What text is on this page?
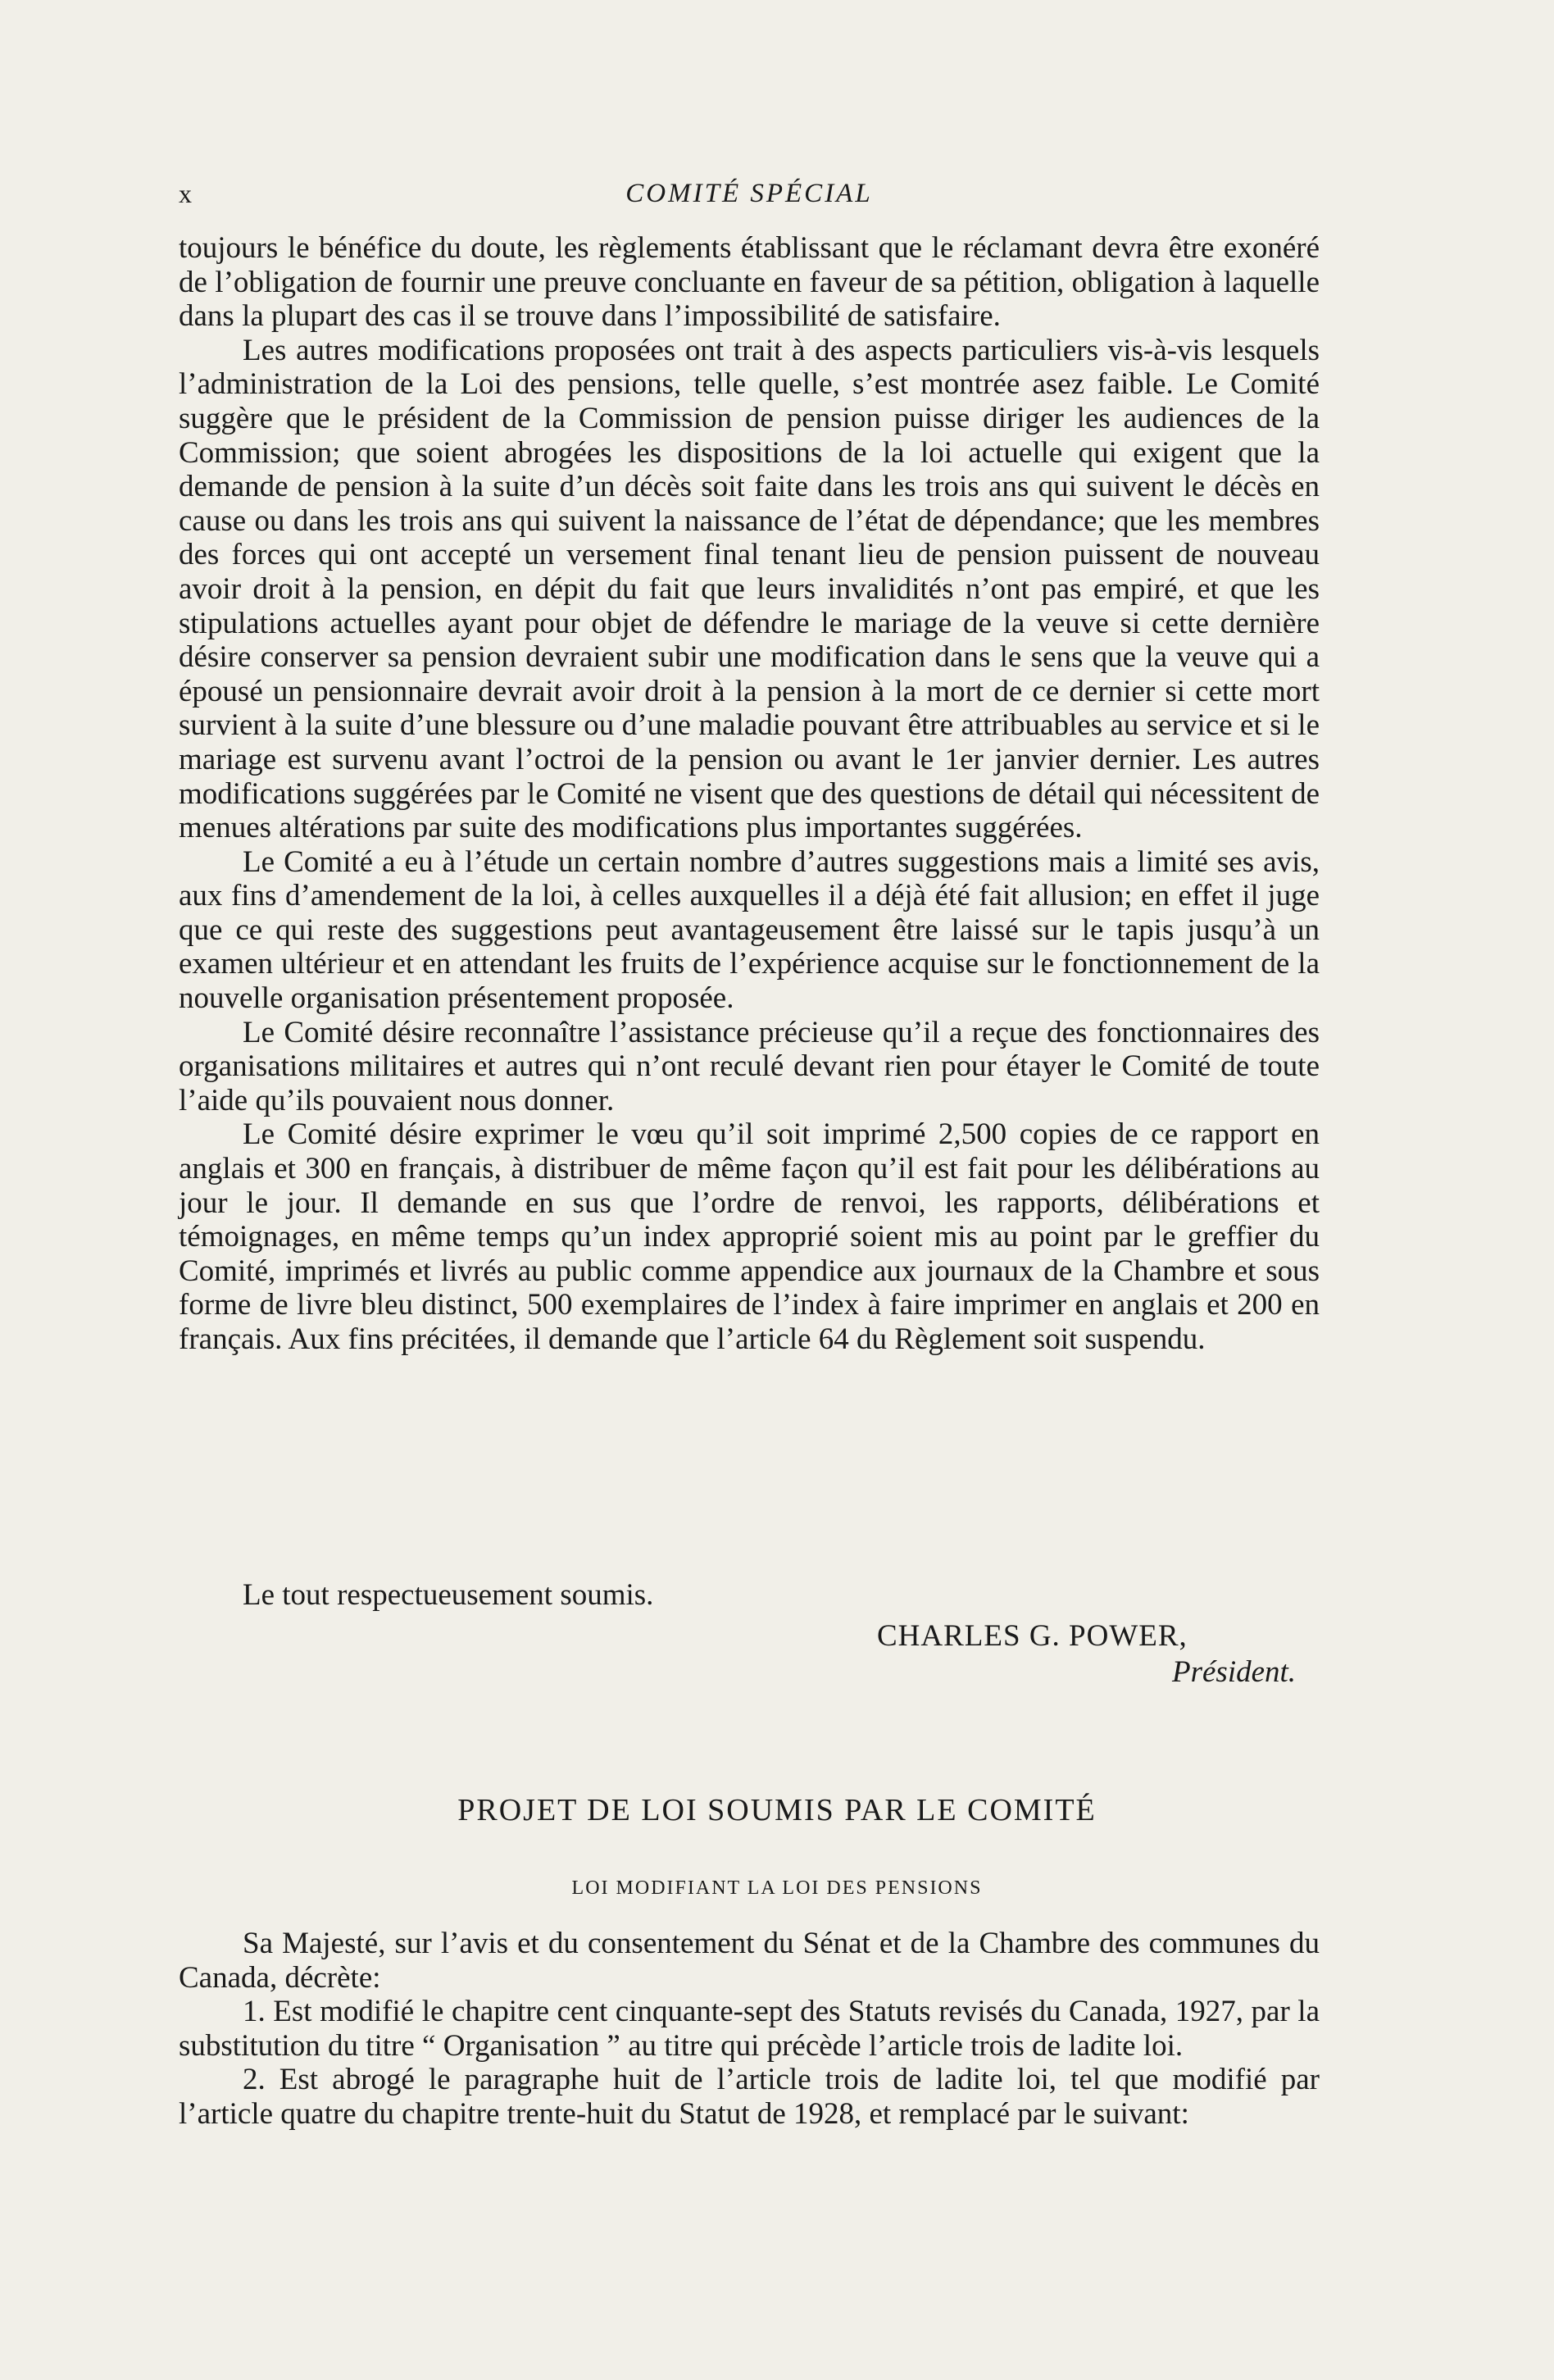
x	COMITÉ SPÉCIAL

toujours le bénéfice du doute, les règlements établissant que le réclamant devra être exonéré de l’obligation de fournir une preuve concluante en faveur de sa pétition, obligation à laquelle dans la plupart des cas il se trouve dans l’impossibilité de satisfaire.

Les autres modifications proposées ont trait à des aspects particuliers vis-à-vis lesquels l’administration de la Loi des pensions, telle quelle, s’est montrée asez faible. Le Comité suggère que le président de la Commission de pension puisse diriger les audiences de la Commission; que soient abrogées les dispositions de la loi actuelle qui exigent que la demande de pension à la suite d’un décès soit faite dans les trois ans qui suivent le décès en cause ou dans les trois ans qui suivent la naissance de l’état de dépendance; que les membres des forces qui ont accepté un versement final tenant lieu de pension puissent de nouveau avoir droit à la pension, en dépit du fait que leurs invalidités n’ont pas empiré, et que les stipulations actuelles ayant pour objet de défendre le mariage de la veuve si cette dernière désire conserver sa pension devraient subir une modification dans le sens que la veuve qui a épousé un pensionnaire devrait avoir droit à la pension à la mort de ce dernier si cette mort survient à la suite d’une blessure ou d’une maladie pouvant être attribuables au service et si le mariage est survenu avant l’octroi de la pension ou avant le 1er janvier dernier. Les autres modifications suggérées par le Comité ne visent que des questions de détail qui nécessitent de menues altérations par suite des modifications plus importantes suggérées.

Le Comité a eu à l’étude un certain nombre d’autres suggestions mais a limité ses avis, aux fins d’amendement de la loi, à celles auxquelles il a déjà été fait allusion; en effet il juge que ce qui reste des suggestions peut avantageusement être laissé sur le tapis jusqu’à un examen ultérieur et en attendant les fruits de l’expérience acquise sur le fonctionnement de la nouvelle organisation présentement proposée.

Le Comité désire reconnaître l’assistance précieuse qu’il a reçue des fonctionnaires des organisations militaires et autres qui n’ont reculé devant rien pour étayer le Comité de toute l’aide qu’ils pouvaient nous donner.

Le Comité désire exprimer le vœu qu’il soit imprimé 2,500 copies de ce rapport en anglais et 300 en français, à distribuer de même façon qu’il est fait pour les délibérations au jour le jour. Il demande en sus que l’ordre de renvoi, les rapports, délibérations et témoignages, en même temps qu’un index approprié soient mis au point par le greffier du Comité, imprimés et livrés au public comme appendice aux journaux de la Chambre et sous forme de livre bleu distinct, 500 exemplaires de l’index à faire imprimer en anglais et 200 en français. Aux fins précitées, il demande que l’article 64 du Règlement soit suspendu.

Le tout respectueusement soumis.
CHARLES G. POWER,
Président.
PROJET DE LOI SOUMIS PAR LE COMITÉ
LOI MODIFIANT LA LOI DES PENSIONS

Sa Majesté, sur l’avis et du consentement du Sénat et de la Chambre des communes du Canada, décrète:

1. Est modifié le chapitre cent cinquante-sept des Statuts revisés du Canada, 1927, par la substitution du titre “ Organisation ” au titre qui précède l’article trois de ladite loi.

2. Est abrogé le paragraphe huit de l’article trois de ladite loi, tel que modifié par l’article quatre du chapitre trente-huit du Statut de 1928, et remplacé par le suivant:
